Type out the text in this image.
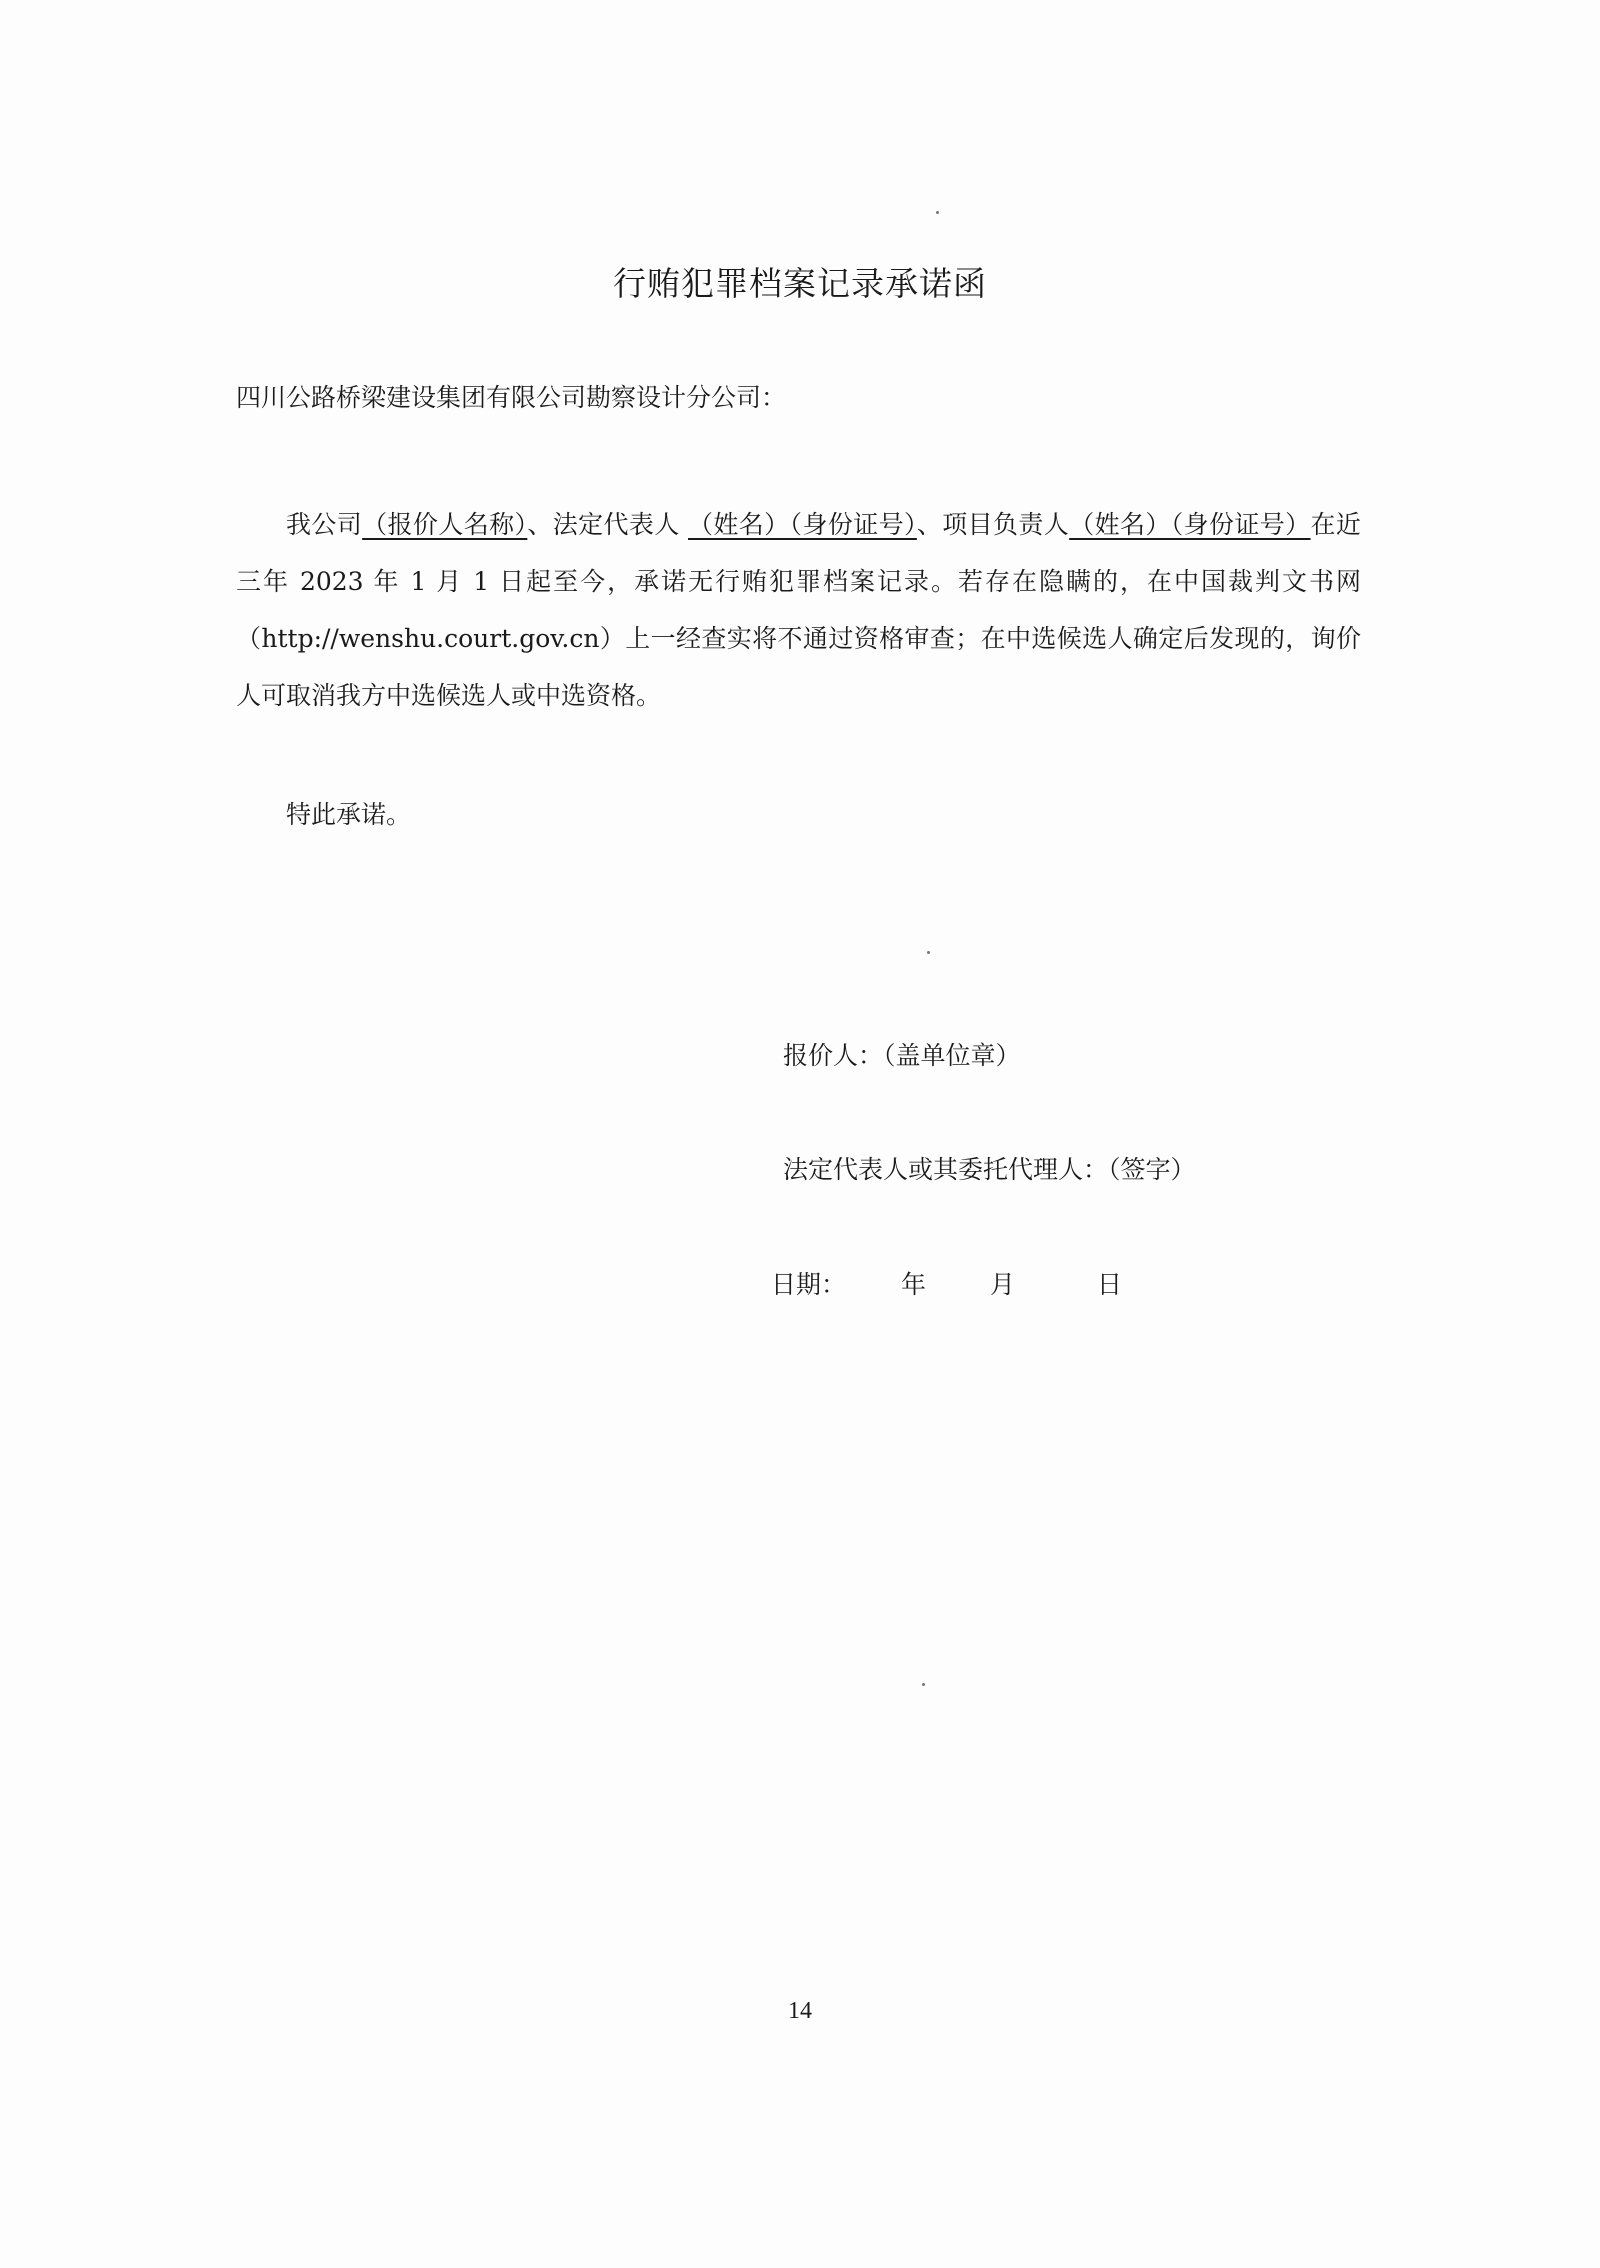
行贿犯罪档案记录承诺函
四川公路桥梁建设集团有限公司勘察设计分公司：
我公司（报价人名称）、法定代表人 （姓名）（身份证号）、项目负责人（姓名）（身份证号）在近三年 2023 年 1 月 1 日起至今，承诺无行贿犯罪档案记录。若存在隐瞒的，在中国裁判文书网（http://wenshu.court.gov.cn）上一经查实将不通过资格审查；在中选候选人确定后发现的，询价人可取消我方中选候选人或中选资格。
特此承诺。
报价人：（盖单位章）
法定代表人或其委托代理人：（签字）
日期： 年	月	日
14
